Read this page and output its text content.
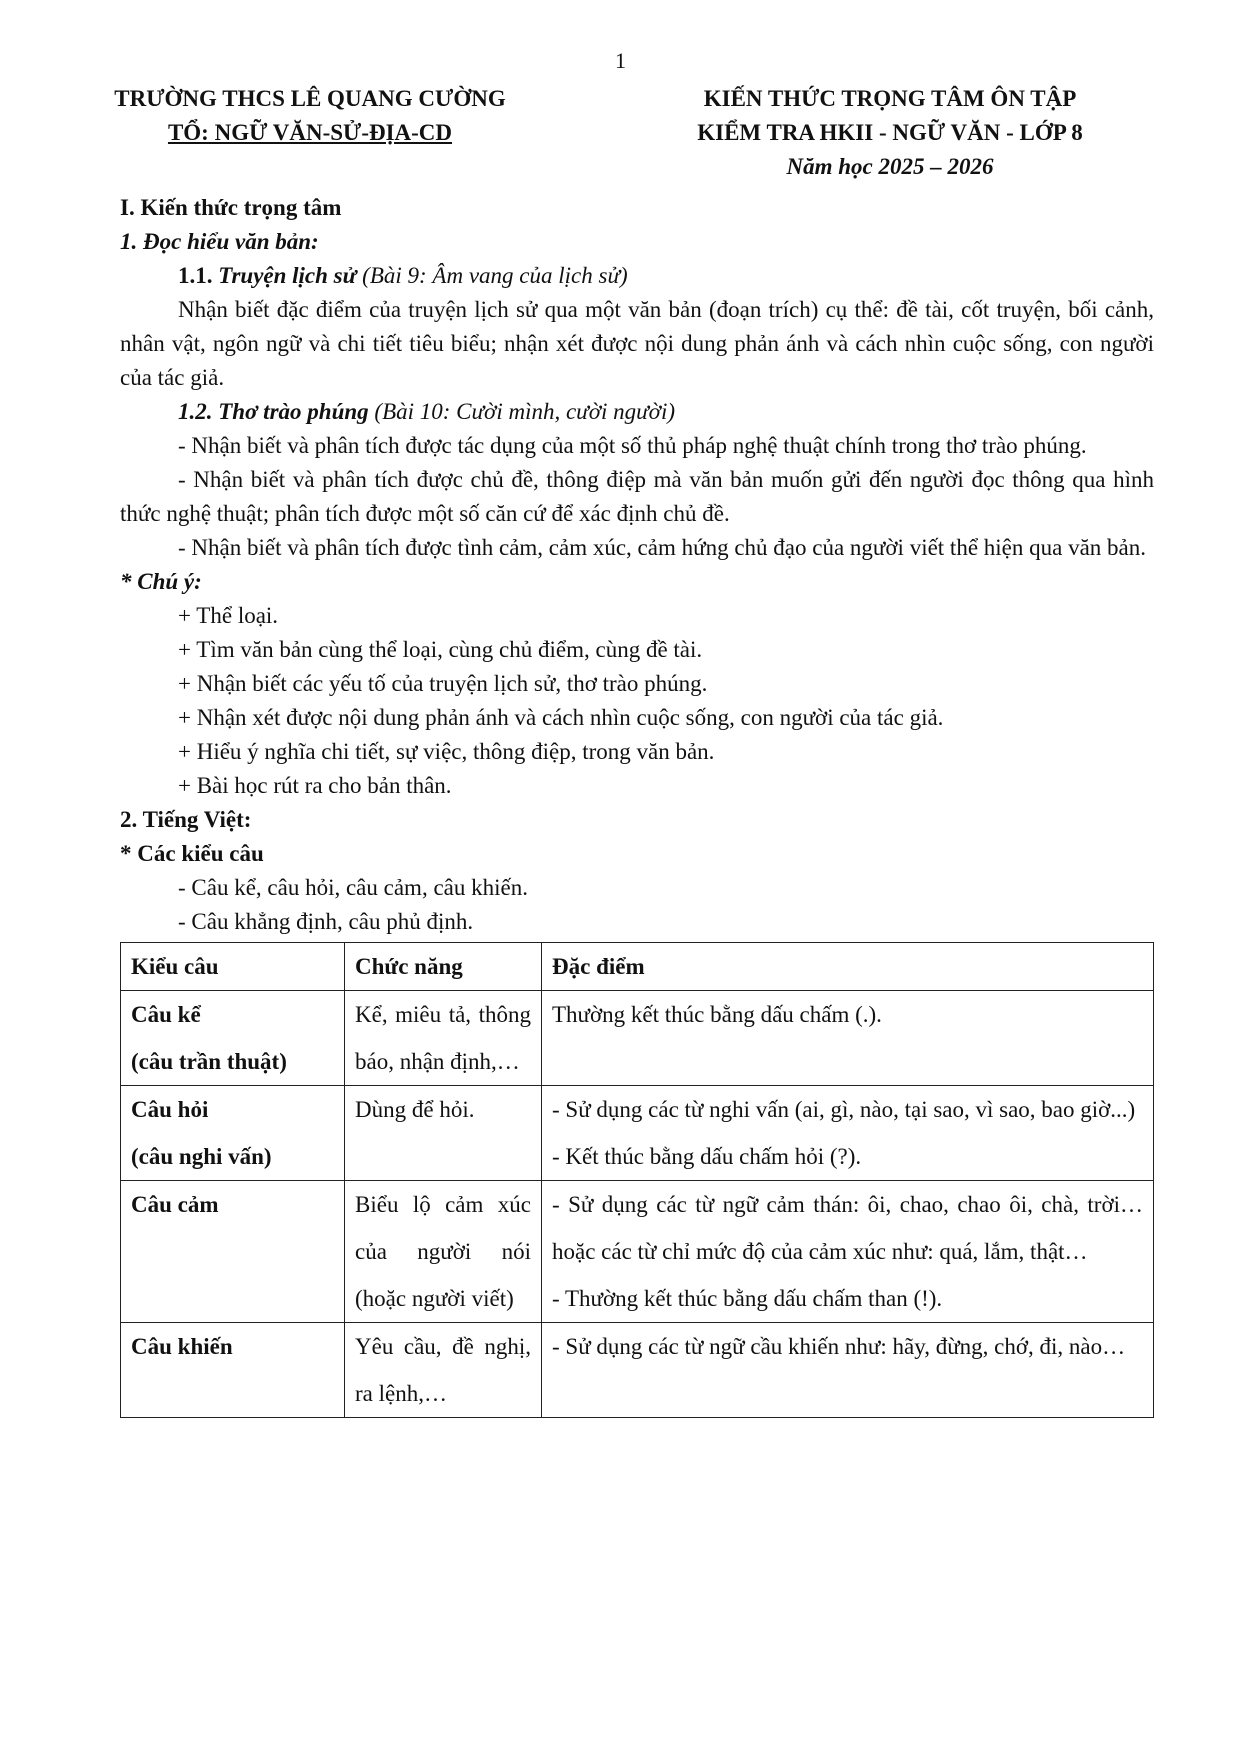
1
TRƯỜNG THCS LÊ QUANG CƯỜNG
TỔ: NGỮ VĂN-SỬ-ĐỊA-CD
KIẾN THỨC TRỌNG TÂM ÔN TẬP
KIỂM TRA HKII - NGỮ VĂN - LỚP 8
Năm học 2025 – 2026

I. Kiến thức trọng tâm

1. Đọc hiểu văn bản:

1.1. Truyện lịch sử (Bài 9: Âm vang của lịch sử)

Nhận biết đặc điểm của truyện lịch sử qua một văn bản (đoạn trích) cụ thể: đề tài, cốt truyện, bối cảnh, nhân vật, ngôn ngữ và chi tiết tiêu biểu; nhận xét được nội dung phản ánh và cách nhìn cuộc sống, con người của tác giả.

1.2. Thơ trào phúng (Bài 10: Cười mình, cười người)

- Nhận biết và phân tích được tác dụng của một số thủ pháp nghệ thuật chính trong thơ trào phúng.

- Nhận biết và phân tích được chủ đề, thông điệp mà văn bản muốn gửi đến người đọc thông qua hình thức nghệ thuật; phân tích được một số căn cứ để xác định chủ đề.

- Nhận biết và phân tích được tình cảm, cảm xúc, cảm hứng chủ đạo của người viết thể hiện qua văn bản.

* Chú ý:

+ Thể loại.

+ Tìm văn bản cùng thể loại, cùng chủ điểm, cùng đề tài.

+ Nhận biết các yếu tố của truyện lịch sử, thơ trào phúng.

+ Nhận xét được nội dung phản ánh và cách nhìn cuộc sống, con người của tác giả.

+ Hiểu ý nghĩa chi tiết, sự việc, thông điệp, trong văn bản.

+ Bài học rút ra cho bản thân.

2. Tiếng Việt:

* Các kiểu câu

- Câu kể, câu hỏi, câu cảm, câu khiến.

- Câu khẳng định, câu phủ định.

Kiểu câu	Chức năng	Đặc điểm

Câu kể
(câu trần thuật)	Kể, miêu tả, thông báo, nhận định,…	Thường kết thúc bằng dấu chấm (.).

Câu hỏi
(câu nghi vấn)	Dùng để hỏi.	- Sử dụng các từ nghi vấn (ai, gì, nào, tại sao, vì sao, bao giờ...)
- Kết thúc bằng dấu chấm hỏi (?).

Câu cảm	Biểu lộ cảm xúc của người nói (hoặc người viết)	- Sử dụng các từ ngữ cảm thán: ôi, chao, chao ôi, chà, trời…hoặc các từ chỉ mức độ của cảm xúc như: quá, lắm, thật…
- Thường kết thúc bằng dấu chấm than (!).

Câu khiến	Yêu cầu, đề nghị, ra lệnh,…	- Sử dụng các từ ngữ cầu khiến như: hãy, đừng, chớ, đi, nào…
